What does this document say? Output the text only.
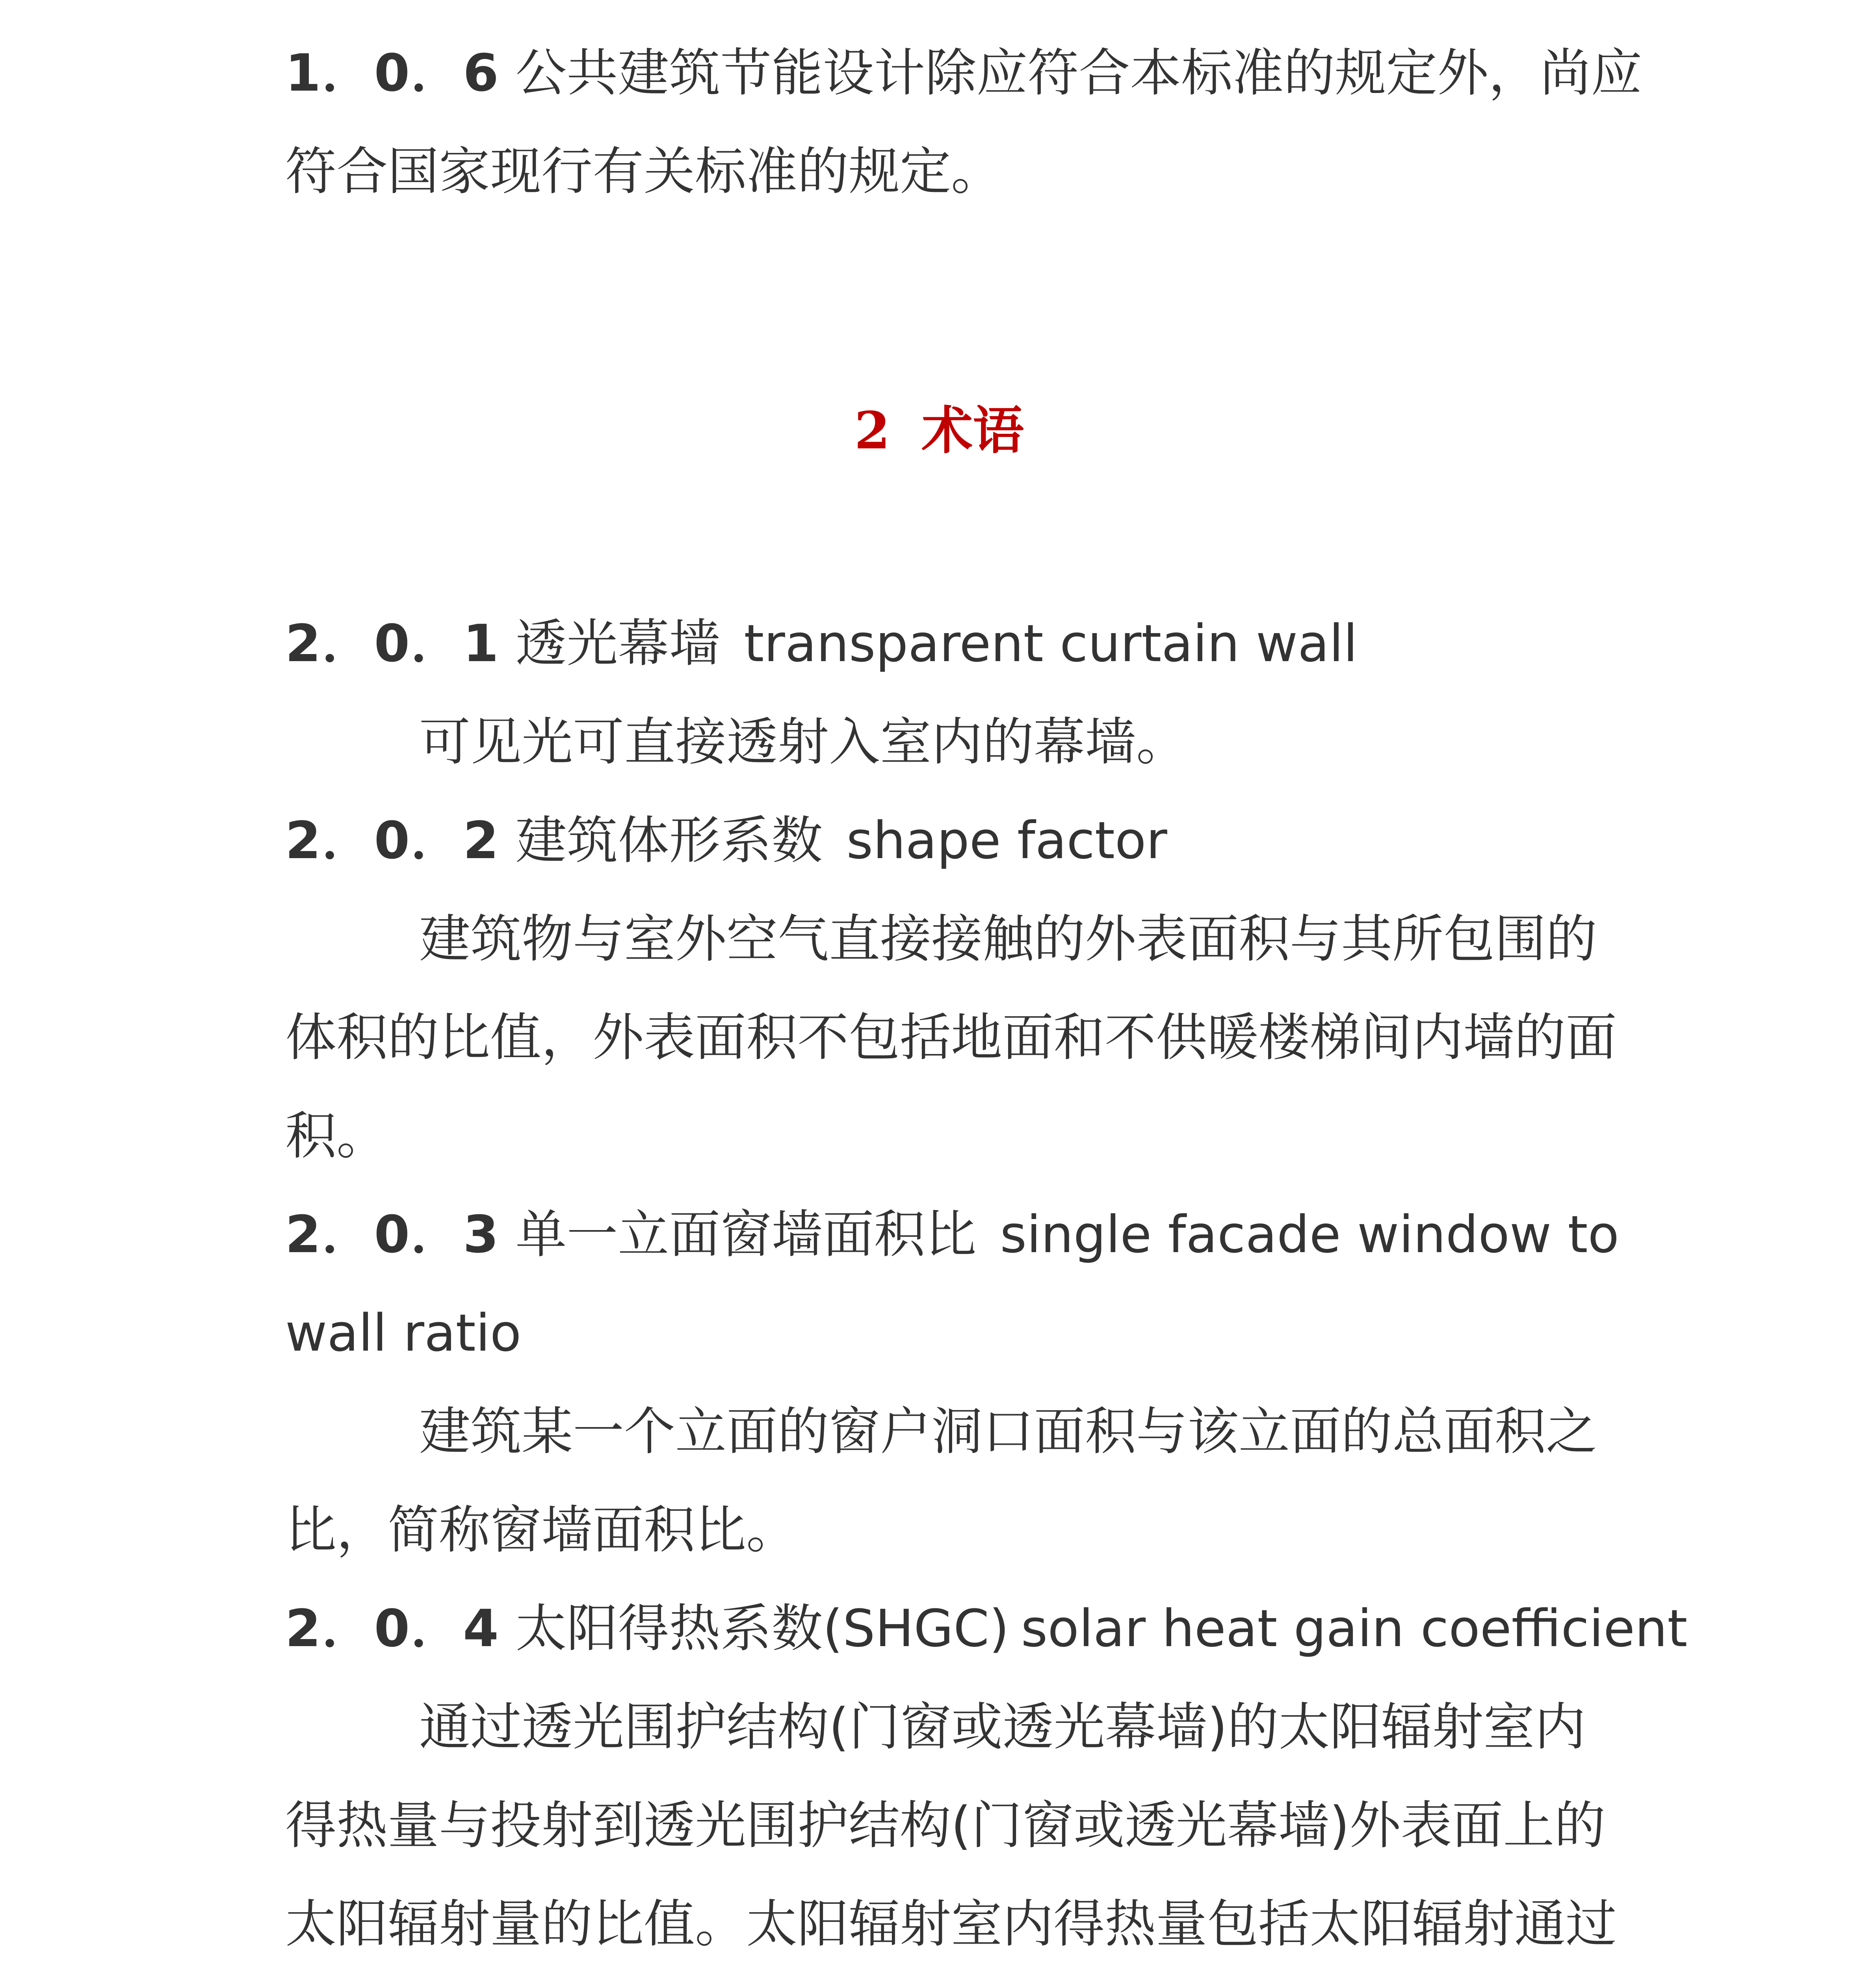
1．0．6 公共建筑节能设计除应符合本标准的规定外，尚应
符合国家现行有关标准的规定。
2 术语
2．0．1 透光幕墙 transparent curtain wall
可见光可直接透射入室内的幕墙。
2．0．2 建筑体形系数 shape factor
建筑物与室外空气直接接触的外表面积与其所包围的
体积的比值，外表面积不包括地面和不供暖楼梯间内墙的面
积。
2．0．3 单一立面窗墙面积比 single facade window to
wall ratio
建筑某一个立面的窗户洞口面积与该立面的总面积之
比，简称窗墙面积比。
2．0．4 太阳得热系数(SHGC) solar heat gain coefficient
通过透光围护结构(门窗或透光幕墙)的太阳辐射室内
得热量与投射到透光围护结构(门窗或透光幕墙)外表面上的
太阳辐射量的比值。太阳辐射室内得热量包括太阳辐射通过
